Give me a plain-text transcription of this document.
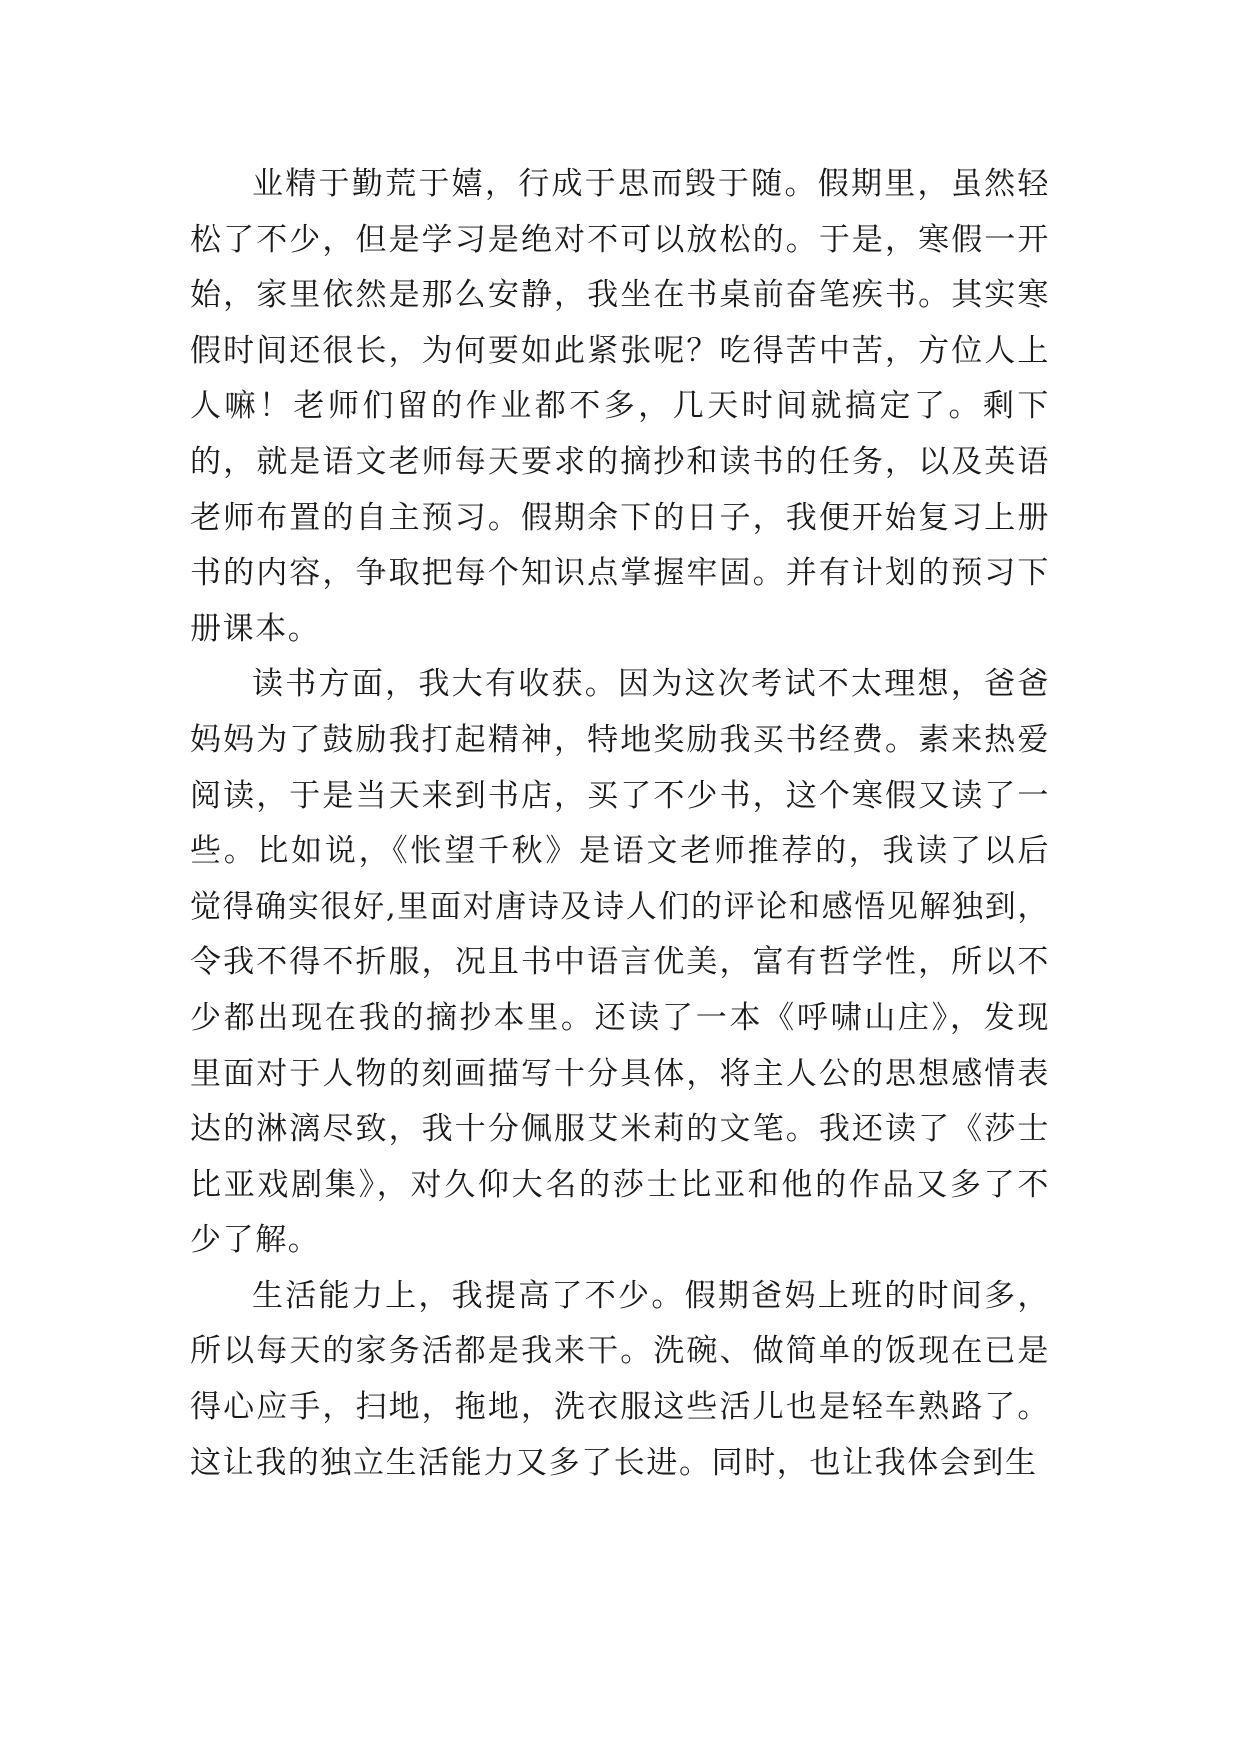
业精于勤荒于嬉，行成于思而毁于随。假期里，虽然轻松了不少，但是学习是绝对不可以放松的。于是，寒假一开始，家里依然是那么安静，我坐在书桌前奋笔疾书。其实寒假时间还很长，为何要如此紧张呢？吃得苦中苦，方位人上人嘛！老师们留的作业都不多，几天时间就搞定了。剩下的，就是语文老师每天要求的摘抄和读书的任务，以及英语老师布置的自主预习。假期余下的日子，我便开始复习上册书的内容，争取把每个知识点掌握牢固。并有计划的预习下册课本。

读书方面，我大有收获。因为这次考试不太理想，爸爸妈妈为了鼓励我打起精神，特地奖励我买书经费。素来热爱阅读，于是当天来到书店，买了不少书，这个寒假又读了一些。比如说，《怅望千秋》是语文老师推荐的，我读了以后觉得确实很好,里面对唐诗及诗人们的评论和感悟见解独到，令我不得不折服，况且书中语言优美，富有哲学性，所以不少都出现在我的摘抄本里。还读了一本《呼啸山庄》，发现里面对于人物的刻画描写十分具体，将主人公的思想感情表达的淋漓尽致，我十分佩服艾米莉的文笔。我还读了《莎士比亚戏剧集》，对久仰大名的莎士比亚和他的作品又多了不少了解。

生活能力上，我提高了不少。假期爸妈上班的时间多，所以每天的家务活都是我来干。洗碗、做简单的饭现在已是得心应手，扫地，拖地，洗衣服这些活儿也是轻车熟路了。这让我的独立生活能力又多了长进。同时，也让我体会到生
